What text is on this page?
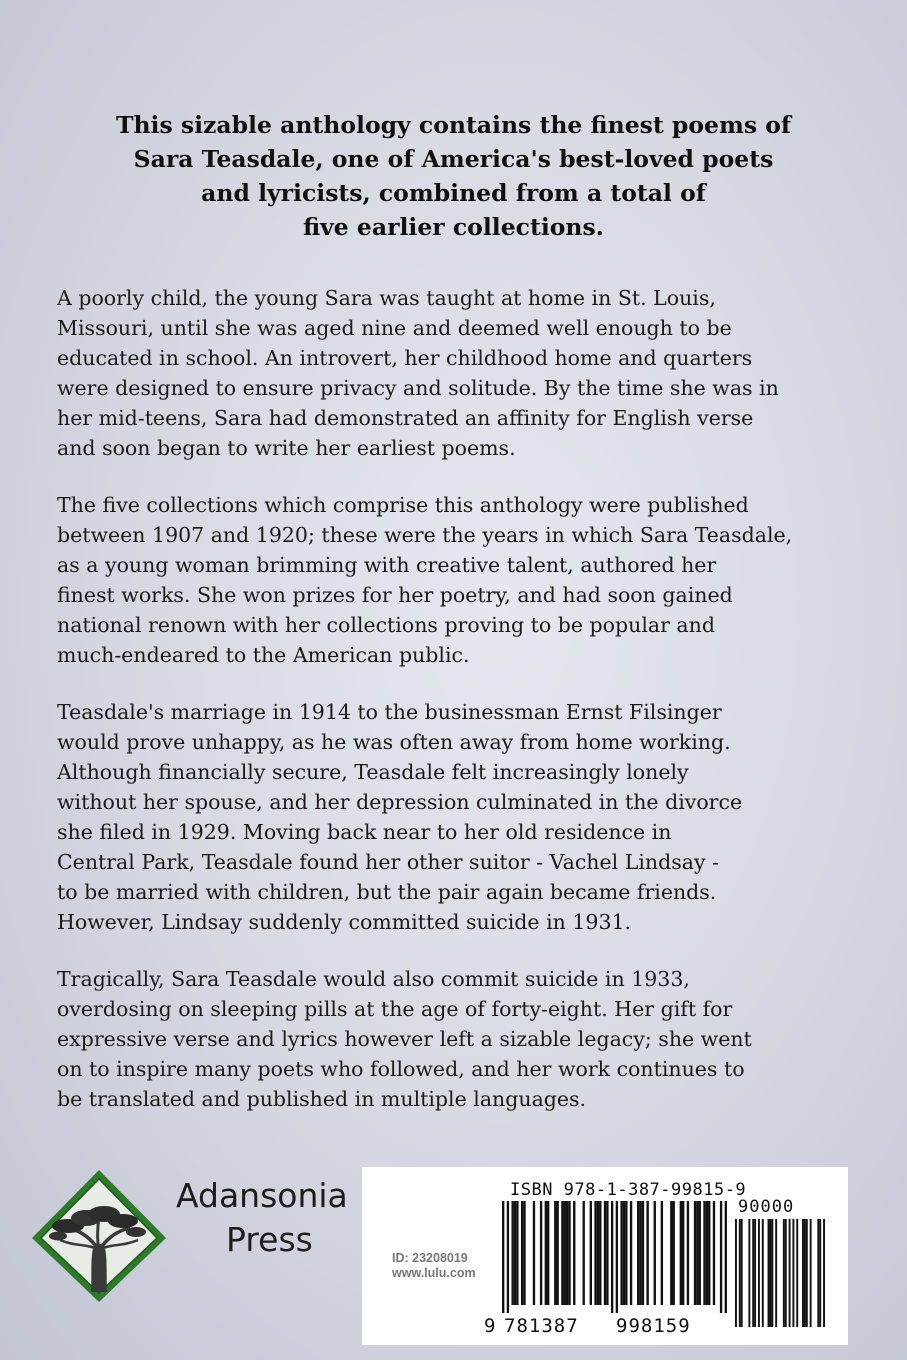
This sizable anthology contains the finest poems of
Sara Teasdale, one of America's best-loved poets
and lyricists, combined from a total of
five earlier collections.
A poorly child, the young Sara was taught at home in St. Louis,
Missouri, until she was aged nine and deemed well enough to be
educated in school. An introvert, her childhood home and quarters
were designed to ensure privacy and solitude. By the time she was in
her mid-teens, Sara had demonstrated an affinity for English verse
and soon began to write her earliest poems.
The five collections which comprise this anthology were published
between 1907 and 1920; these were the years in which Sara Teasdale,
as a young woman brimming with creative talent, authored her
finest works. She won prizes for her poetry, and had soon gained
national renown with her collections proving to be popular and
much-endeared to the American public.
Teasdale's marriage in 1914 to the businessman Ernst Filsinger
would prove unhappy, as he was often away from home working.
Although financially secure, Teasdale felt increasingly lonely
without her spouse, and her depression culminated in the divorce
she filed in 1929. Moving back near to her old residence in
Central Park, Teasdale found her other suitor - Vachel Lindsay -
to be married with children, but the pair again became friends.
However, Lindsay suddenly committed suicide in 1931.
Tragically, Sara Teasdale would also commit suicide in 1933,
overdosing on sleeping pills at the age of forty-eight. Her gift for
expressive verse and lyrics however left a sizable legacy; she went
on to inspire many poets who followed, and her work continues to
be translated and published in multiple languages.
Adansonia
Press
ISBN 978-1-387-99815-9
ID: 23208019
www.lulu.com
90000
9 781387 998159
